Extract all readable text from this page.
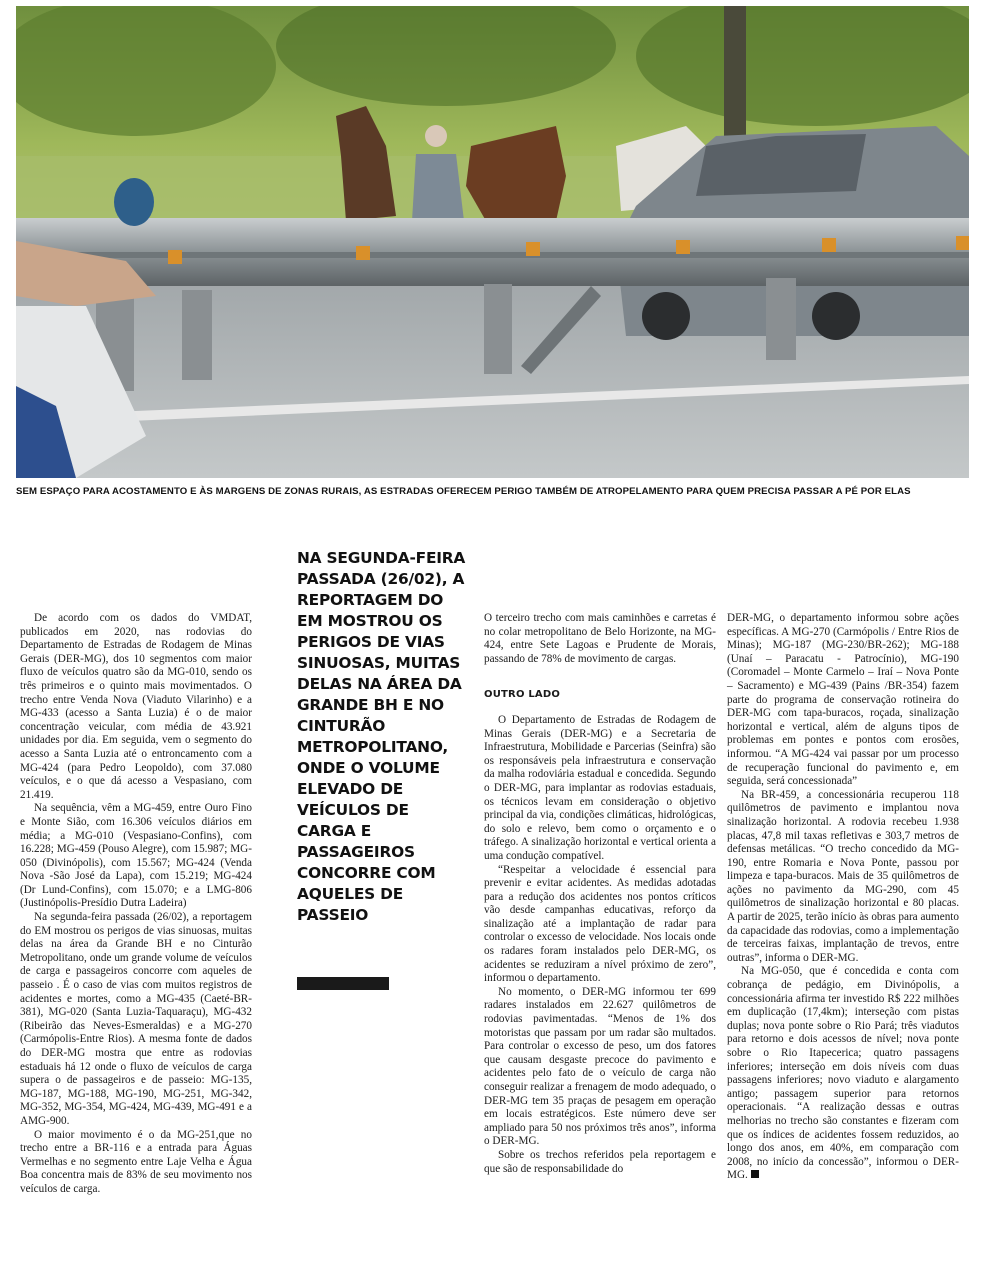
SEM ESPAÇO PARA ACOSTAMENTO E ÀS MARGENS DE ZONAS RURAIS, AS ESTRADAS OFERECEM PERIGO TAMBÉM DE ATROPELAMENTO PARA QUEM PRECISA PASSAR A PÉ POR ELAS

De acordo com os dados do VMDAT, publicados em 2020, nas rodovias do Departamento de Estradas de Rodagem de Minas Gerais (DER-MG), dos 10 segmentos com maior fluxo de veículos quatro são da MG-010, sendo os três primeiros e o quinto mais movimentados. O trecho entre Venda Nova (Viaduto Vilarinho) e a MG-433 (acesso a Santa Luzia) é o de maior concentração veicular, com média de 43.921 unidades por dia. Em seguida, vem o segmento do acesso a Santa Luzia até o entroncamento com a MG-424 (para Pedro Leopoldo), com 37.080 veículos, e o que dá acesso a Vespasiano, com 21.419.

Na sequência, vêm a MG-459, entre Ouro Fino e Monte Sião, com 16.306 veículos diários em média; a MG-010 (Vespasiano-Confins), com 16.228; MG-459 (Pouso Alegre), com 15.987; MG-050 (Divinópolis), com 15.567; MG-424 (Venda Nova -São José da Lapa), com 15.219; MG-424 (Dr Lund-Confins), com 15.070; e a LMG-806 (Justinópolis-Presídio Dutra Ladeira)

Na segunda-feira passada (26/02), a reportagem do EM mostrou os perigos de vias sinuosas, muitas delas na área da Grande BH e no Cinturão Metropolitano, onde um grande volume de veículos de carga e passageiros concorre com aqueles de passeio . É o caso de vias com muitos registros de acidentes e mortes, como a MG-435 (Caeté-BR-381), MG-020 (Santa Luzia-Taquaraçu), MG-432 (Ribeirão das Neves-Esmeraldas) e a MG-270 (Carmópolis-Entre Rios). A mesma fonte de dados do DER-MG mostra que entre as rodovias estaduais há 12 onde o fluxo de veículos de carga supera o de passageiros e de passeio: MG-135, MG-187, MG-188, MG-190, MG-251, MG-342, MG-352, MG-354, MG-424, MG-439, MG-491 e a AMG-900.

O maior movimento é o da MG-251,que no trecho entre a BR-116 e a entrada para Águas Vermelhas e no segmento entre Laje Velha e Água Boa concentra mais de 83% de seu movimento nos veículos de carga.

NA SEGUNDA-FEIRA PASSADA (26/02), A REPORTAGEM DO EM MOSTROU OS PERIGOS DE VIAS SINUOSAS, MUITAS DELAS NA ÁREA DA GRANDE BH E NO CINTURÃO METROPOLITANO, ONDE O VOLUME ELEVADO DE VEÍCULOS DE CARGA E PASSAGEIROS CONCORRE COM AQUELES DE PASSEIO

O terceiro trecho com mais caminhões e carretas é no colar metropolitano de Belo Horizonte, na MG-424, entre Sete Lagoas e Prudente de Morais, passando de 78% de movimento de cargas.

OUTRO LADO

O Departamento de Estradas de Rodagem de Minas Gerais (DER-MG) e a Secretaria de Infraestrutura, Mobilidade e Parcerias (Seinfra) são os responsáveis pela infraestrutura e conservação da malha rodoviária estadual e concedida. Segundo o DER-MG, para implantar as rodovias estaduais, os técnicos levam em consideração o objetivo principal da via, condições climáticas, hidrológicas, do solo e relevo, bem como o orçamento e o tráfego. A sinalização horizontal e vertical orienta a uma condução compatível.

“Respeitar a velocidade é essencial para prevenir e evitar acidentes. As medidas adotadas para a redução dos acidentes nos pontos críticos vão desde campanhas educativas, reforço da sinalização até a implantação de radar para controlar o excesso de velocidade. Nos locais onde os radares foram instalados pelo DER-MG, os acidentes se reduziram a nível próximo de zero”, informou o departamento.

No momento, o DER-MG informou ter 699 radares instalados em 22.627 quilômetros de rodovias pavimentadas. “Menos de 1% dos motoristas que passam por um radar são multados. Para controlar o excesso de peso, um dos fatores que causam desgaste precoce do pavimento e acidentes pelo fato de o veículo de carga não conseguir realizar a frenagem de modo adequado, o DER-MG tem 35 praças de pesagem em operação em locais estratégicos. Este número deve ser ampliado para 50 nos próximos três anos”, informa o DER-MG.

Sobre os trechos referidos pela reportagem e que são de responsabilidade do

DER-MG, o departamento informou sobre ações específicas. A MG-270 (Carmópolis / Entre Rios de Minas); MG-187 (MG-230/BR-262); MG-188 (Unaí – Paracatu - Patrocínio), MG-190 (Coromadel – Monte Carmelo – Iraí – Nova Ponte – Sacramento) e MG-439 (Pains /BR-354) fazem parte do programa de conservação rotineira do DER-MG com tapa-buracos, roçada, sinalização horizontal e vertical, além de alguns tipos de problemas em pontes e pontos com erosões, informou. “A MG-424 vai passar por um processo de recuperação funcional do pavimento e, em seguida, será concessionada”

Na BR-459, a concessionária recuperou 118 quilômetros de pavimento e implantou nova sinalização horizontal. A rodovia recebeu 1.938 placas, 47,8 mil taxas refletivas e 303,7 metros de defensas metálicas. “O trecho concedido da MG-190, entre Romaria e Nova Ponte, passou por limpeza e tapa-buracos. Mais de 35 quilômetros de ações no pavimento da MG-290, com 45 quilômetros de sinalização horizontal e 80 placas. A partir de 2025, terão início às obras para aumento da capacidade das rodovias, como a implementação de terceiras faixas, implantação de trevos, entre outras”, informa o DER-MG.

Na MG-050, que é concedida e conta com cobrança de pedágio, em Divinópolis, a concessionária afirma ter investido R$ 222 milhões em duplicação (17,4km); interseção com pistas duplas; nova ponte sobre o Rio Pará; três viadutos para retorno e dois acessos de nível; nova ponte sobre o Rio Itapecerica; quatro passagens inferiores; interseção em dois níveis com duas passagens inferiores; novo viaduto e alargamento antigo; passagem superior para retornos operacionais. “A realização dessas e outras melhorias no trecho são constantes e fizeram com que os índices de acidentes fossem reduzidos, ao longo dos anos, em 40%, em comparação com 2008, no início da concessão”, informou o DER-MG.
